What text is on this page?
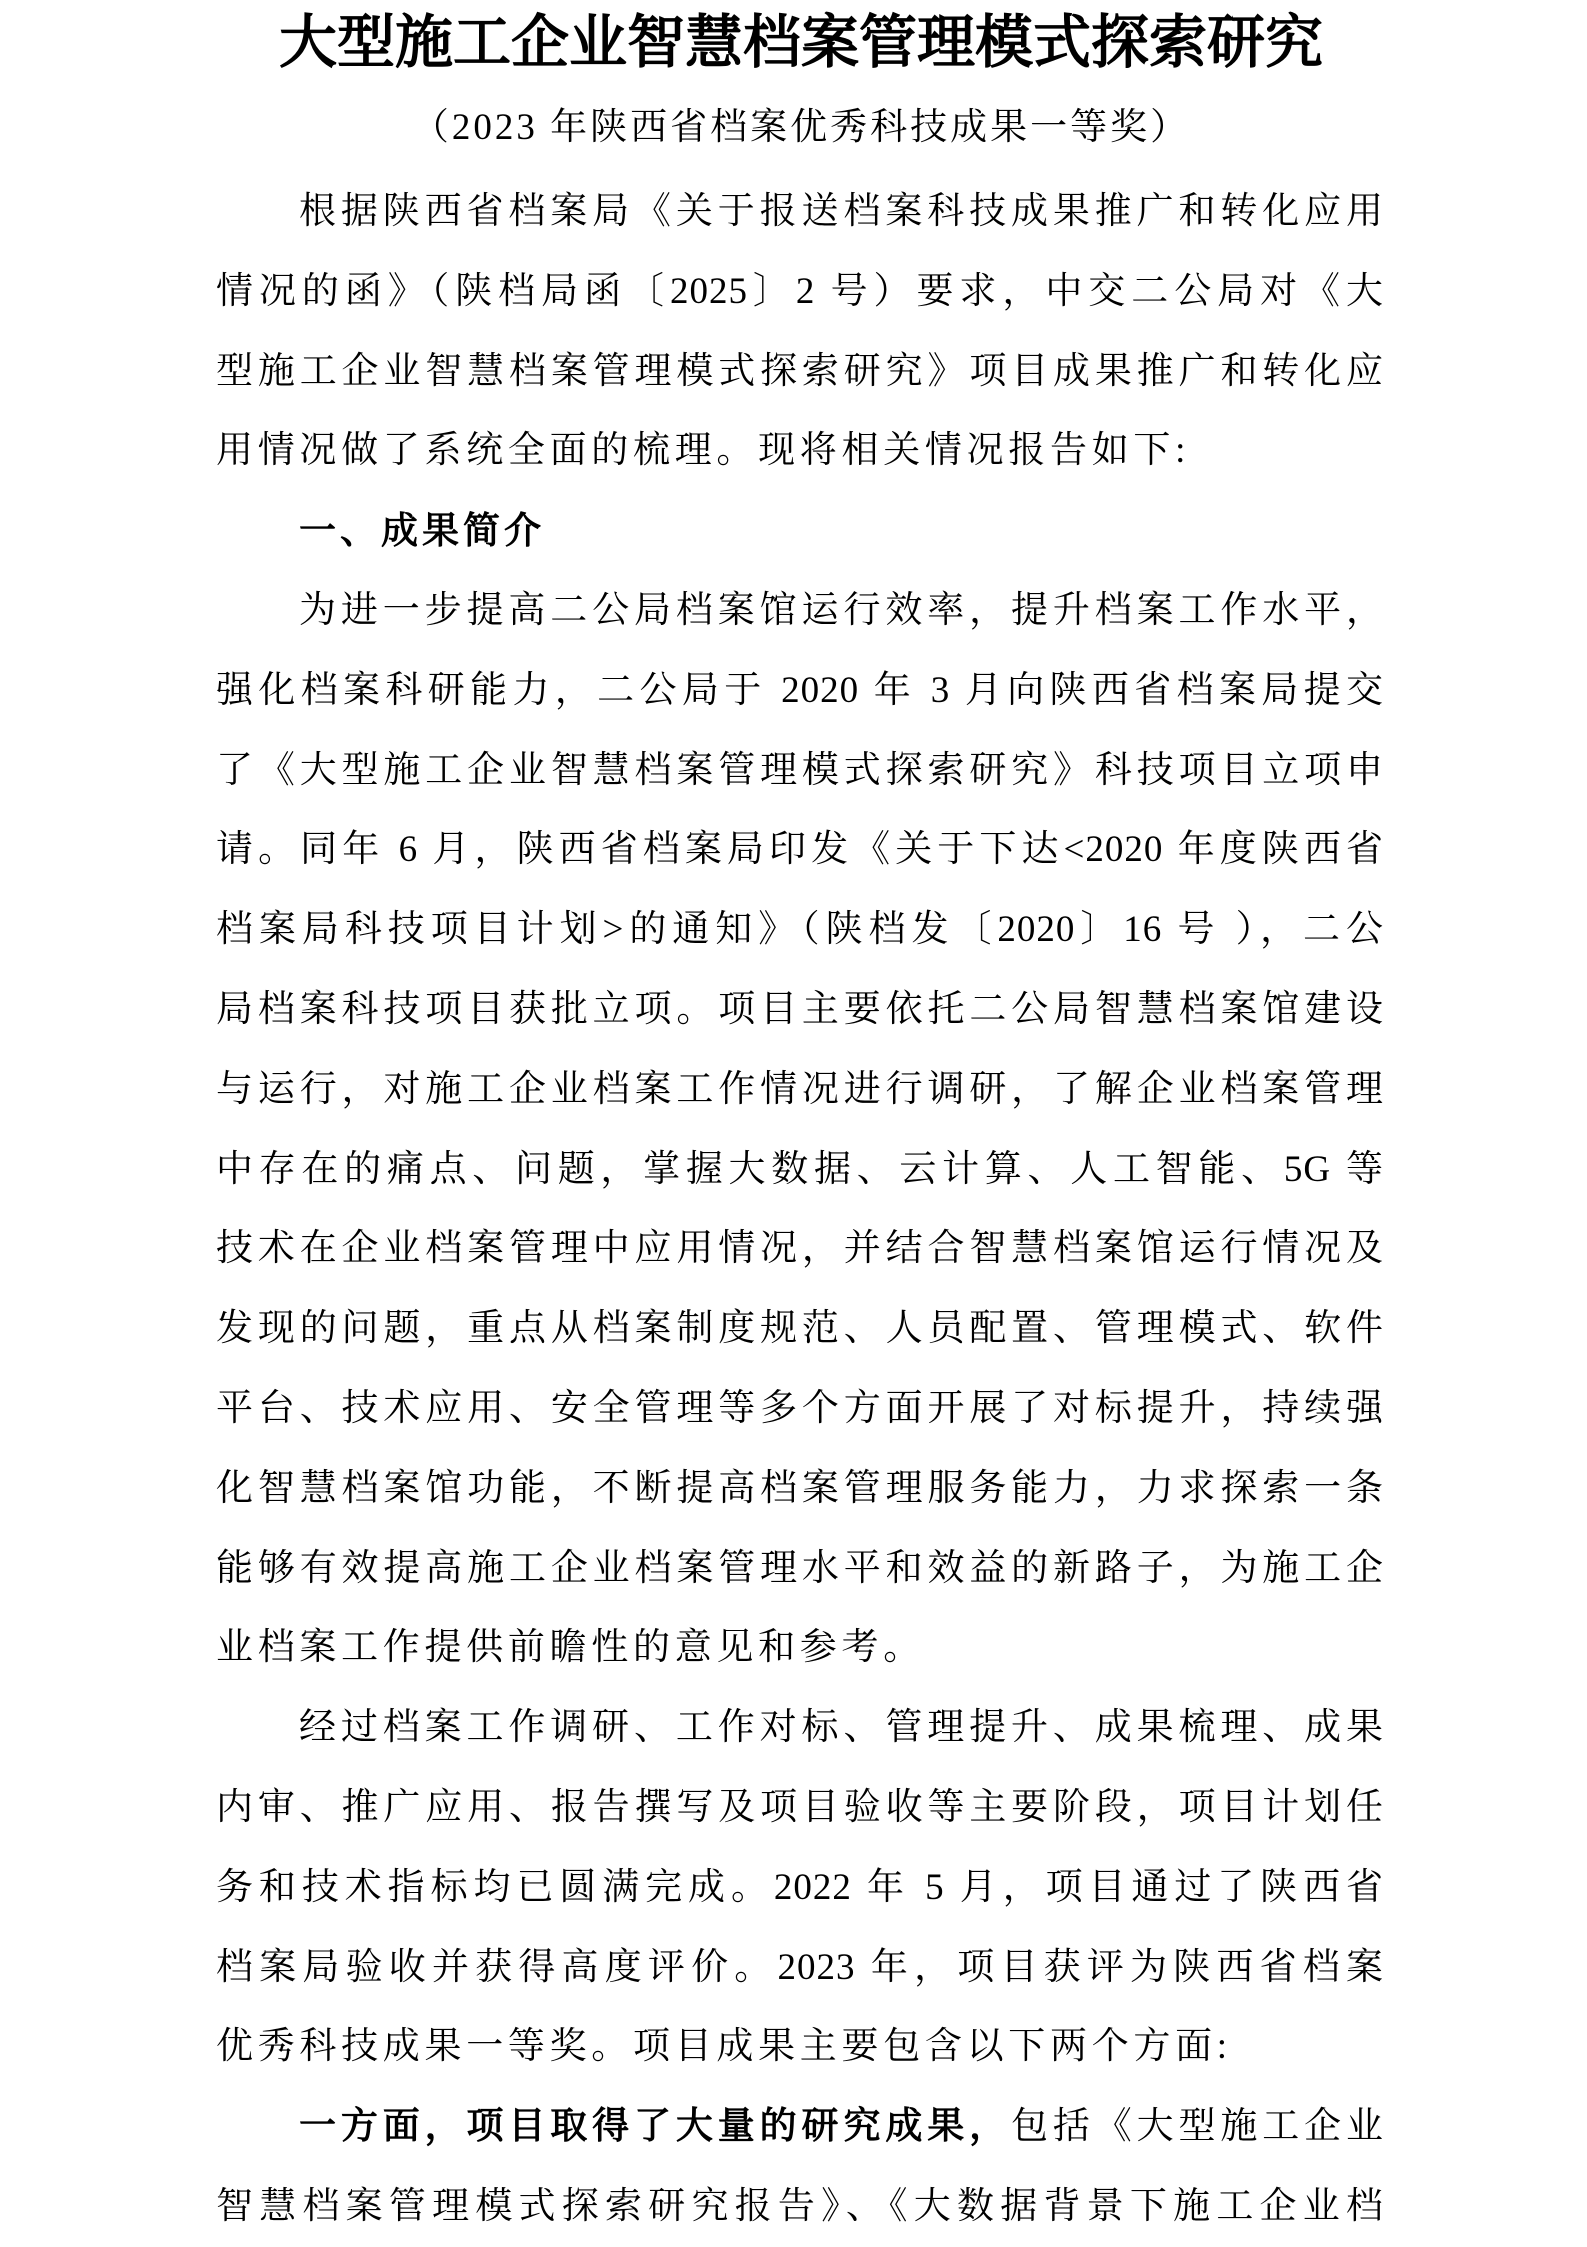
大型施工企业智慧档案管理模式探索研究
（2023 年陕西省档案优秀科技成果一等奖）
根据陕西省档案局《关于报送档案科技成果推广和转化应用
情况的函》（陕档局函〔2025〕2 号）要求，中交二公局对《大
型施工企业智慧档案管理模式探索研究》项目成果推广和转化应
用情况做了系统全面的梳理。现将相关情况报告如下:
一、成果简介
为进一步提高二公局档案馆运行效率，提升档案工作水平，
强化档案科研能力，二公局于 2020 年 3 月向陕西省档案局提交
了《大型施工企业智慧档案管理模式探索研究》科技项目立项申
请。同年 6 月，陕西省档案局印发《关于下达<2020 年度陕西省
档案局科技项目计划>的通知》（陕档发〔2020〕16 号 ），二公
局档案科技项目获批立项。项目主要依托二公局智慧档案馆建设
与运行，对施工企业档案工作情况进行调研，了解企业档案管理
中存在的痛点、问题，掌握大数据、云计算、人工智能、5G 等
技术在企业档案管理中应用情况，并结合智慧档案馆运行情况及
发现的问题，重点从档案制度规范、人员配置、管理模式、软件
平台、技术应用、安全管理等多个方面开展了对标提升，持续强
化智慧档案馆功能，不断提高档案管理服务能力，力求探索一条
能够有效提高施工企业档案管理水平和效益的新路子，为施工企
业档案工作提供前瞻性的意见和参考。
经过档案工作调研、工作对标、管理提升、成果梳理、成果
内审、推广应用、报告撰写及项目验收等主要阶段，项目计划任
务和技术指标均已圆满完成。2022 年 5 月，项目通过了陕西省
档案局验收并获得高度评价。2023 年，项目获评为陕西省档案
优秀科技成果一等奖。项目成果主要包含以下两个方面:
一方面，项目取得了大量的研究成果，包括《大型施工企业
智慧档案管理模式探索研究报告》、《大数据背景下施工企业档
